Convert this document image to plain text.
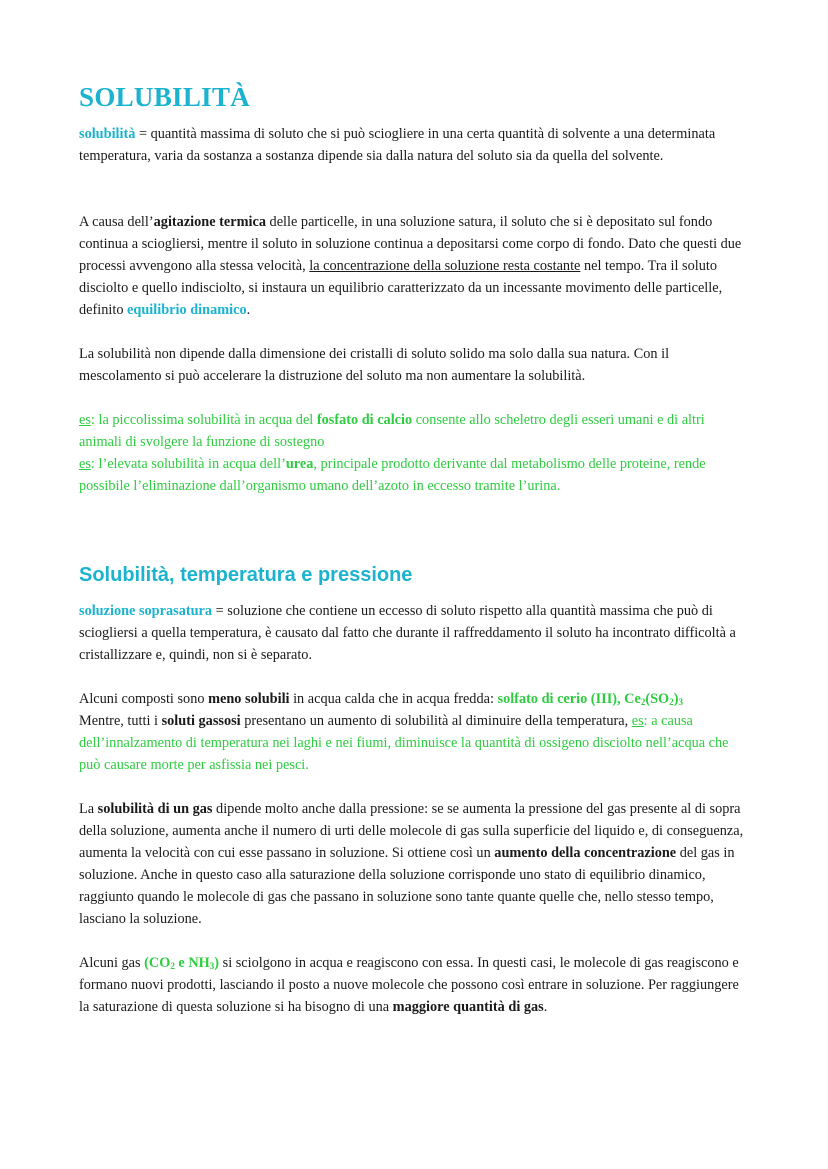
SOLUBILITÀ

solubilità = quantità massima di soluto che si può sciogliere in una certa quantità di solvente a una determinata temperatura, varia da sostanza a sostanza dipende sia dalla natura del soluto sia da quella del solvente.

A causa dell’agitazione termica delle particelle, in una soluzione satura, il soluto che si è depositato sul fondo continua a sciogliersi, mentre il soluto in soluzione continua a depositarsi come corpo di fondo. Dato che questi due processi avvengono alla stessa velocità, la concentrazione della soluzione resta costante nel tempo. Tra il soluto disciolto e quello indisciolto, si instaura un equilibrio caratterizzato da un incessante movimento delle particelle, definito equilibrio dinamico.

La solubilità non dipende dalla dimensione dei cristalli di soluto solido ma solo dalla sua natura. Con il mescolamento si può accelerare la distruzione del soluto ma non aumentare la solubilità.

es: la piccolissima solubilità in acqua del fosfato di calcio consente allo scheletro degli esseri umani e di altri animali di svolgere la funzione di sostegno
es: l’elevata solubilità in acqua dell’urea, principale prodotto derivante dal metabolismo delle proteine, rende possibile l’eliminazione dall’organismo umano dell’azoto in eccesso tramite l’urina.

Solubilità, temperatura e pressione

soluzione soprasatura = soluzione che contiene un eccesso di soluto rispetto alla quantità massima che può di sciogliersi a quella temperatura, è causato dal fatto che durante il raffreddamento il soluto ha incontrato difficoltà a cristallizzare e, quindi, non si è separato.

Alcuni composti sono meno solubili in acqua calda che in acqua fredda: solfato di cerio (III), $Ce_2(SO_2)_3$
Mentre, tutti i soluti gassosi presentano un aumento di solubilità al diminuire della temperatura, es: a causa dell’innalzamento di temperatura nei laghi e nei fiumi, diminuisce la quantità di ossigeno disciolto nell’acqua che può causare morte per asfissia nei pesci.

La solubilità di un gas dipende molto anche dalla pressione: se se aumenta la pressione del gas presente al di sopra della soluzione, aumenta anche il numero di urti delle molecole di gas sulla superficie del liquido e, di conseguenza, aumenta la velocità con cui esse passano in soluzione. Si ottiene così un aumento della concentrazione del gas in soluzione. Anche in questo caso alla saturazione della soluzione corrisponde uno stato di equilibrio dinamico, raggiunto quando le molecole di gas che passano in soluzione sono tante quante quelle che, nello stesso tempo, lasciano la soluzione.

Alcuni gas ($CO_2$ e $NH_3$) si sciolgono in acqua e reagiscono con essa. In questi casi, le molecole di gas reagiscono e formano nuovi prodotti, lasciando il posto a nuove molecole che possono così entrare in soluzione. Per raggiungere la saturazione di questa soluzione si ha bisogno di una maggiore quantità di gas.
